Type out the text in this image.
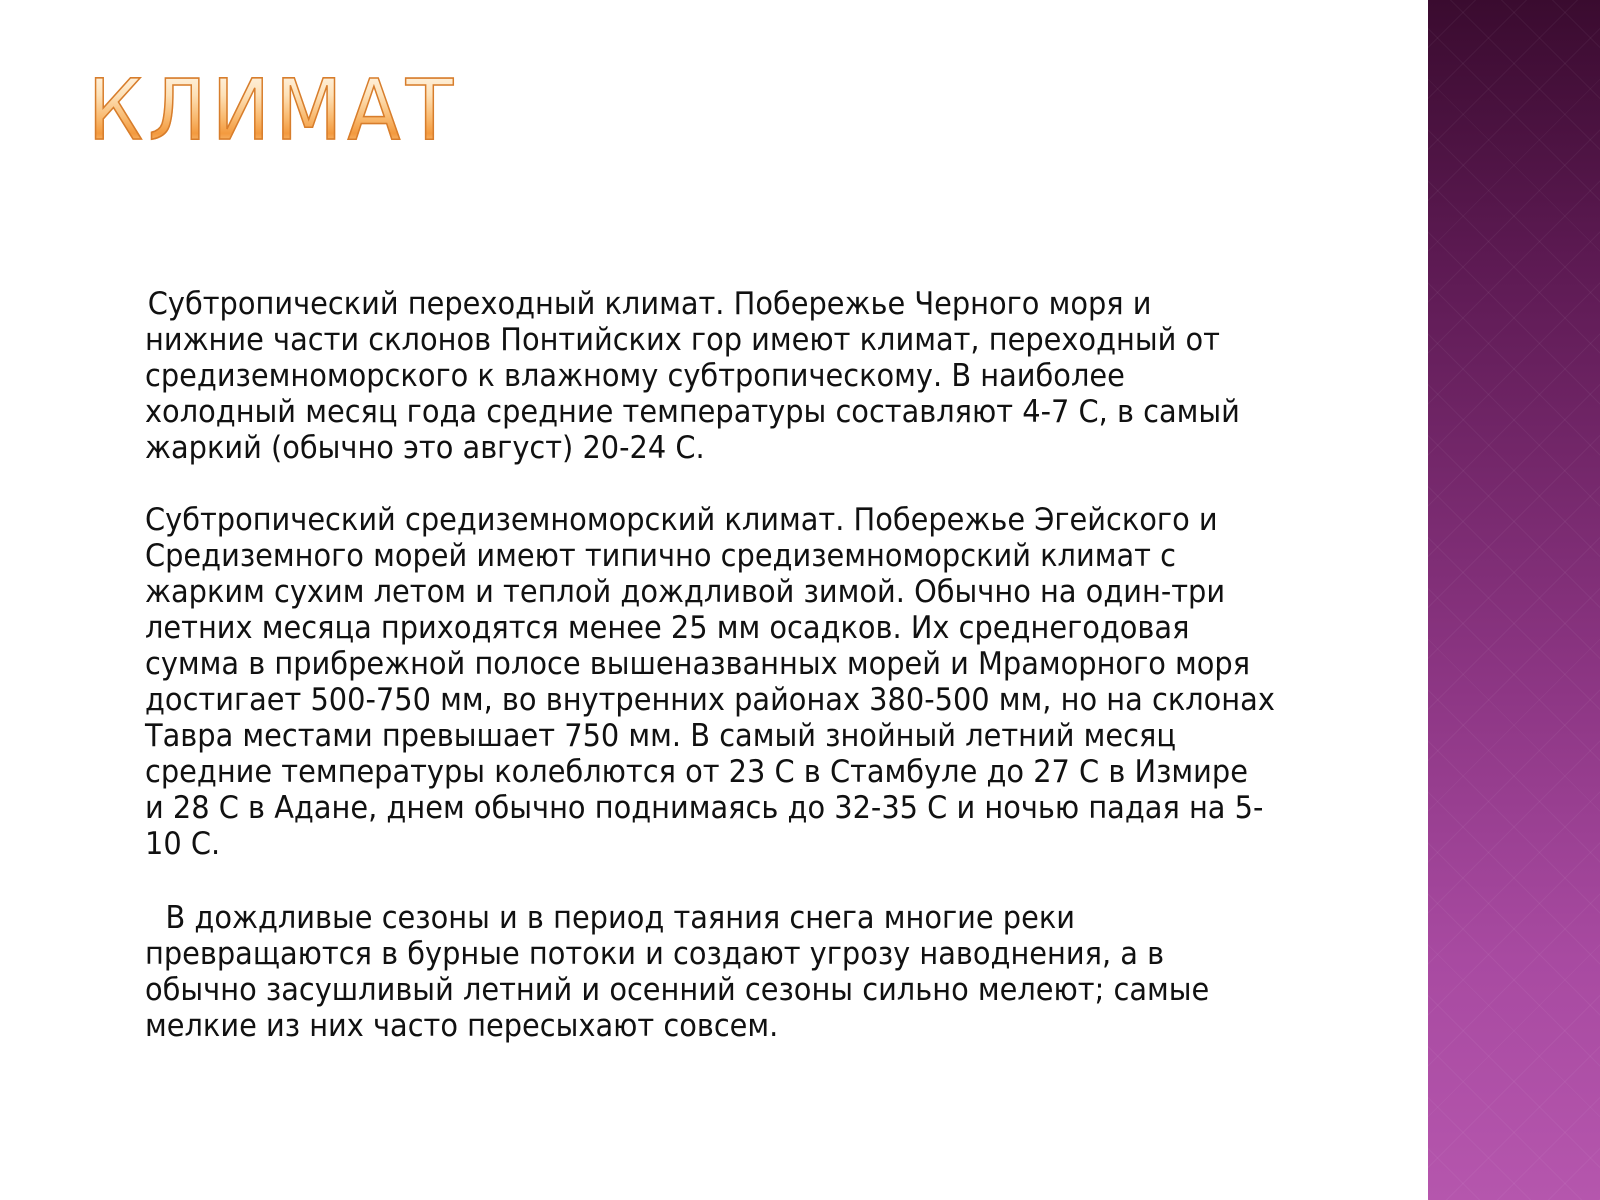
КЛИМАТ

Субтропический переходный климат. Побережье Черного моря и нижние части склонов Понтийских гор имеют климат, переходный от средиземноморского к влажному субтропическому. В наиболее холодный месяц года средние температуры составляют 4-7 С, в самый жаркий (обычно это август) 20-24 С.

Субтропический средиземноморский климат. Побережье Эгейского и Средиземного морей имеют типично средиземноморский климат с жарким сухим летом и теплой дождливой зимой. Обычно на один-три летних месяца приходятся менее 25 мм осадков. Их среднегодовая сумма в прибрежной полосе вышеназванных морей и Мраморного моря достигает 500-750 мм, во внутренних районах 380-500 мм, но на склонах Тавра местами превышает 750 мм. В самый знойный летний месяц средние температуры колеблются от 23 С в Стамбуле до 27 С в Измире и 28 С в Адане, днем обычно поднимаясь до 32-35 С и ночью падая на 5-10 С.

В дождливые сезоны и в период таяния снега многие реки превращаются в бурные потоки и создают угрозу наводнения, а в обычно засушливый летний и осенний сезоны сильно мелеют; самые мелкие из них часто пересыхают совсем.
